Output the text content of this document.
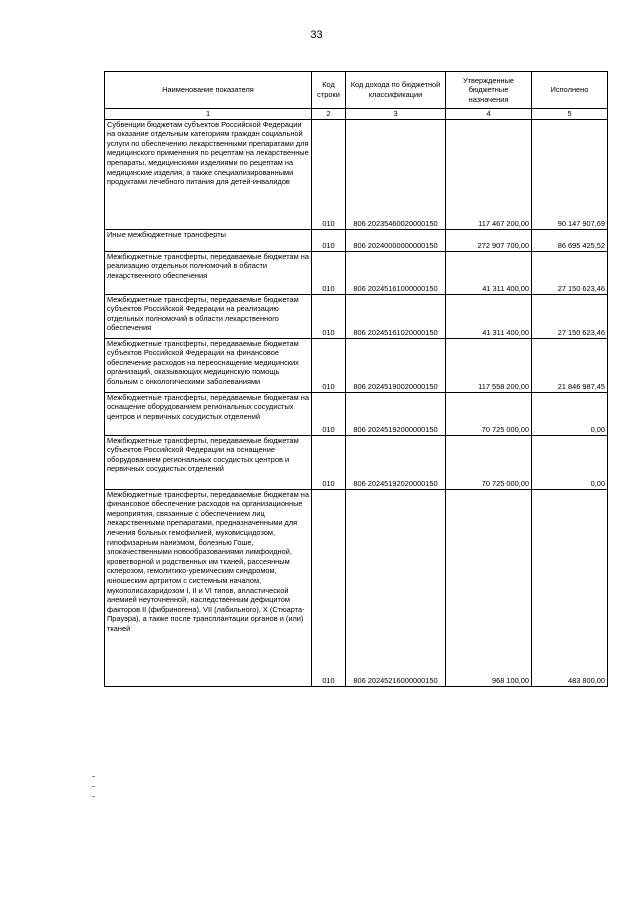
33
Наименование показателя	Код строки	Код дохода по бюджетной классификации	Утвержденные бюджетные назначения	Исполнено
1	2	3	4	5
Субвенции бюджетам субъектов Российской Федерации на оказание отдельным категориям граждан социальной услуги по обеспечению лекарственными препаратами для медицинского применения по рецептам на лекарственные препараты, медицинскими изделиями по рецептам на медицинские изделия, а также специализированными продуктами лечебного питания для детей-инвалидов	010	806 20235460020000150	117 467 200,00	90 147 907,69
Иные межбюджетные трансферты	010	806 20240000000000150	272 907 700,00	86 695 425,52
Межбюджетные трансферты, передаваемые бюджетам на реализацию отдельных полномочий в области лекарственного обеспечения	010	806 20245161000000150	41 311 400,00	27 150 623,46
Межбюджетные трансферты, передаваемые бюджетам субъектов Российской Федерации на реализацию отдельных полномочий в области лекарственного обеспечения	010	806 20245161020000150	41 311 400,00	27 150 623,46
Межбюджетные трансферты, передаваемые бюджетам субъектов Российской Федерации на финансовое обеспечение расходов на переоснащение медицинских организаций, оказывающих медицинскую помощь больным с онкологическими заболеваниями	010	806 20245190020000150	117 558 200,00	21 846 987,45
Межбюджетные трансферты, передаваемые бюджетам на оснащение оборудованием региональных сосудистых центров и первичных сосудистых отделений	010	806 20245192000000150	70 725 000,00	0,00
Межбюджетные трансферты, передаваемые бюджетам субъектов Российской Федерации на оснащение оборудованием региональных сосудистых центров и первичных сосудистых отделений	010	806 20245192020000150	70 725 000,00	0,00
Межбюджетные трансферты, передаваемые бюджетам на финансовое обеспечение расходов на организационные мероприятия, связанные с обеспечением лиц лекарственными препаратами, предназначенными для лечения больных гемофилией, муковисцидозом, гипофизарным нанизмом, болезнью Гоше, злокачественными новообразованиями лимфоидной, кроветворной и родственных им тканей, рассеянным склерозом, гемолитико-уремическим синдромом, юношеским артритом с системным началом, мукополисахаридозом I, II и VI типов, апластической анемией неуточненной, наследственным дефицитом факторов II (фибриногена), VII (лабильного), X (Стюарта-Прауэра), а также после трансплантации органов и (или) тканей	010	806 20245216000000150	968 100,00	483 800,00
